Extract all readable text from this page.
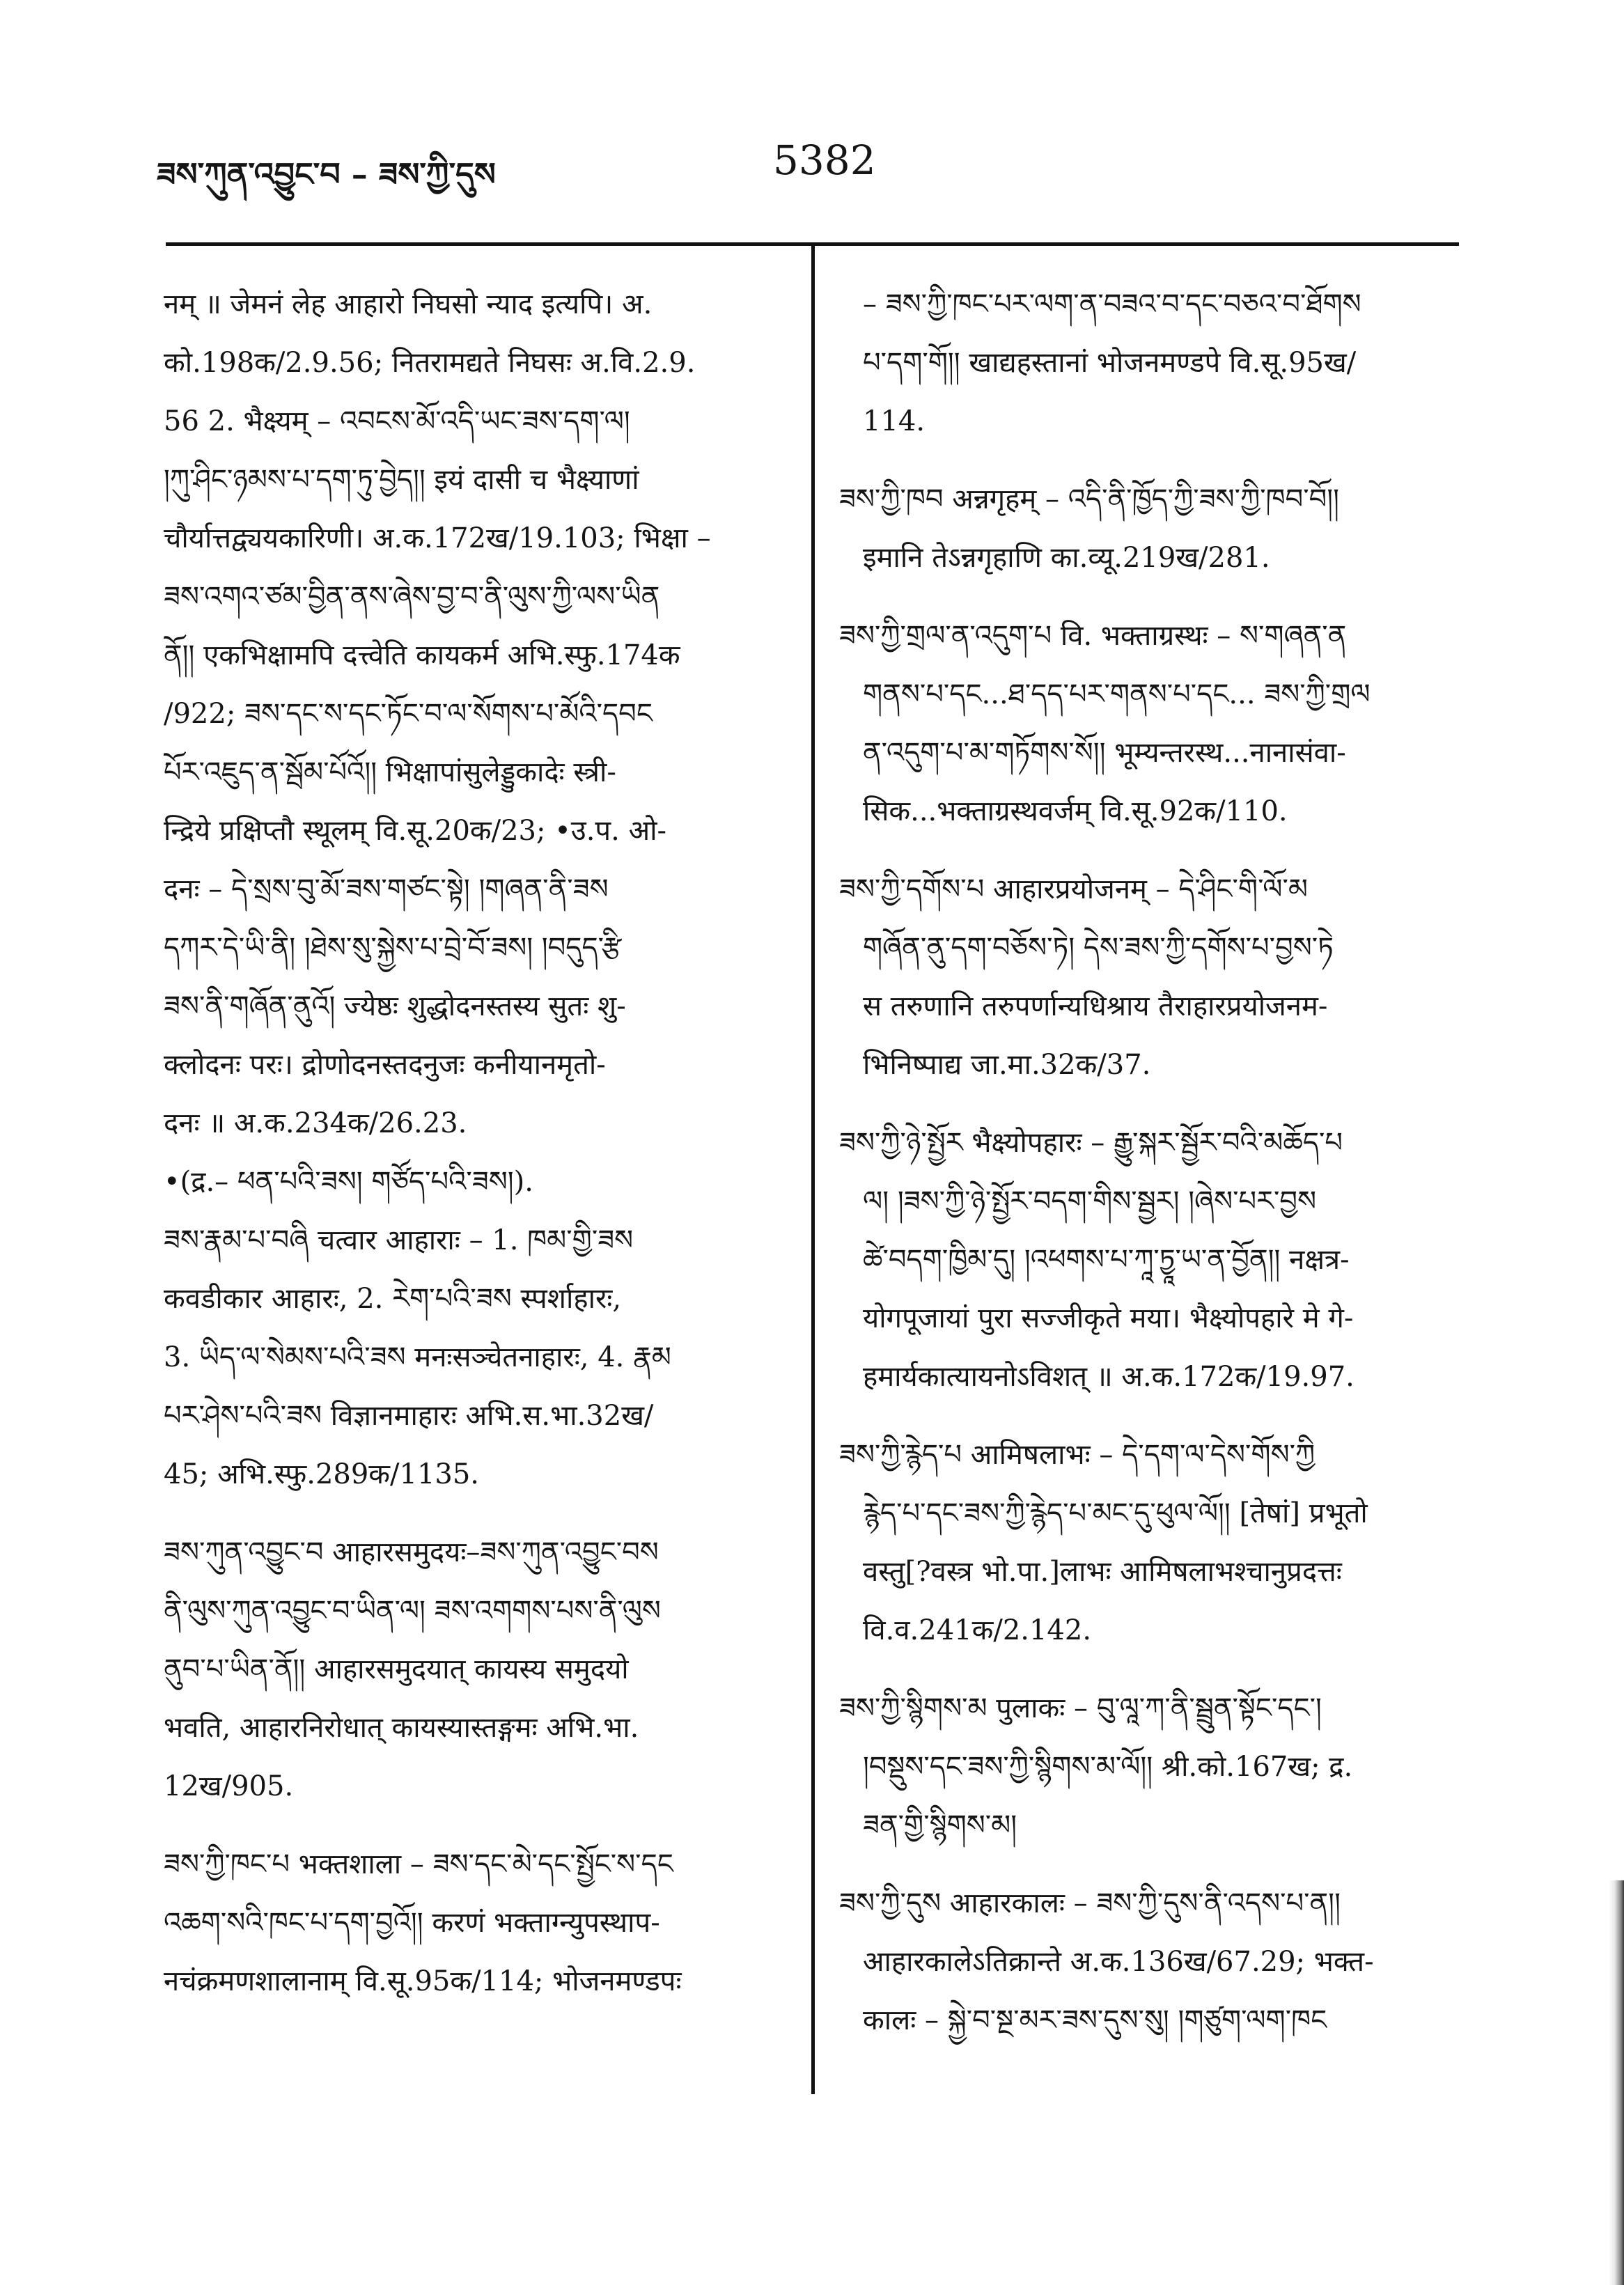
ཟས་ཀུན་འབྱུང་བ – ཟས་ཀྱི་དུས	5382
नम् ॥ जेमनं लेह आहारो निघसो न्याद इत्यपि। अ.
को.198क/2.9.56; नितरामद्यते निघसः अ.वि.2.9.
56 2. भैक्ष्यम् – འབངས་མོ་འདི་ཡང་ཟས་དག་ལ།
།ཀུ་ཤིང་ཉམས་པ་དག་ཏུ་བྱེད།། इयं दासी च भैक्ष्याणां
चौर्यात्तद्व्ययकारिणी। अ.क.172ख/19.103; भिक्षा –
ཟས་འགའ་ཙམ་བྱིན་ནས་ཞེས་བྱ་བ་ནི་ལུས་ཀྱི་ལས་ཡིན
ནོ།། एकभिक्षामपि दत्त्वेति कायकर्म अभि.स्फु.174क
/922; ཟས་དང་ས་དང་ཏོང་བ་ལ་སོགས་པ་མོའི་དབང
པོར་འཇུད་ན་སྦོམ་པོའོ།། भिक्षापांसुलेड्डुकादेः स्त्री-
न्द्रिये प्रक्षिप्तौ स्थूलम् वि.सू.20क/23; •उ.प. ओ-
दनः – དེ་སྲས་བུ་མོ་ཟས་གཙང་སྟེ། །གཞན་ནི་ཟས
དཀར་དེ་ཡི་ནི། །ཐེས་སུ་སྐྱེས་པ་བྲེ་བོ་ཟས། །བདུད་རྩི
ཟས་ནི་གཞོན་ནུའོ། ज्येष्ठः शुद्धोदनस्तस्य सुतः शु-
क्लोदनः परः। द्रोणोदनस्तदनुजः कनीयानमृतो-
दनः ॥ अ.क.234क/26.23.
•(द्र.– ཕན་པའི་ཟས། གཙོད་པའི་ཟས།).
ཟས་རྣམ་པ་བཞི चत्वार आहाराः – 1. ཁམ་གྱི་ཟས
कवडीकार आहारः, 2. རེག་པའི་ཟས स्पर्शाहारः,
3. ཡིད་ལ་སེམས་པའི་ཟས मनःसञ्चेतनाहारः, 4. རྣམ
པར་ཤེས་པའི་ཟས विज्ञानमाहारः अभि.स.भा.32ख/
45; अभि.स्फु.289क/1135.
ཟས་ཀུན་འབྱུང་བ आहारसमुदयः–ཟས་ཀུན་འབྱུང་བས
ནི་ལུས་ཀུན་འབྱུང་བ་ཡིན་ལ། ཟས་འགགས་པས་ནི་ལུས
ནུབ་པ་ཡིན་ནོ།། आहारसमुदयात् कायस्य समुदयो
भवति, आहारनिरोधात् कायस्यास्तङ्गमः अभि.भा.
12ख/905.
ཟས་ཀྱི་ཁང་པ भक्तशाला – ཟས་དང་མེ་དང་སྤྱོང་ས་དང
འཆག་སའི་ཁང་པ་དག་བྱའོ།། करणं भक्ताग्न्युपस्थाप-
नचंक्रमणशालानाम् वि.सू.95क/114; भोजनमण्डपः
– ཟས་ཀྱི་ཁང་པར་ལག་ན་བཟའ་བ་དང་བཅའ་བ་ཐོགས
པ་དག་གོ།། खाद्यहस्तानां भोजनमण्डपे वि.सू.95ख/
114.
ཟས་ཀྱི་ཁབ अन्नगृहम् – འདི་ནི་ཁྱོད་ཀྱི་ཟས་ཀྱི་ཁབ་བོ།།
इमानि तेऽन्नगृहाणि का.व्यू.219ख/281.
ཟས་ཀྱི་གྲལ་ན་འདུག་པ वि. भक्ताग्रस्थः – ས་གཞན་ན
གནས་པ་དང...ཐ་དད་པར་གནས་པ་དང... ཟས་ཀྱི་གྲལ
ན་འདུག་པ་མ་གཏོགས་སོ།། भूम्यन्तरस्थ...नानासंवा-
सिक...भक्ताग्रस्थवर्जम् वि.सू.92क/110.
ཟས་ཀྱི་དགོས་པ आहारप्रयोजनम् – དེ་ཤིང་གི་ལོ་མ
གཞོན་ནུ་དག་བཅོས་ཏེ། དེས་ཟས་ཀྱི་དགོས་པ་བྱས་ཏེ
स तरुणानि तरुपर्णान्यधिश्राय तैराहारप्रयोजनम-
भिनिष्पाद्य जा.मा.32क/37.
ཟས་ཀྱི་ཉེ་སྤྱོར भैक्ष्योपहारः – རྒྱུ་སྐར་སྦྱོར་བའི་མཆོད་པ
ལ། །ཟས་ཀྱི་ཉེ་སྤྱོར་བདག་གིས་སྦྱར། །ཞེས་པར་བྱས
ཚེ་བདག་ཁྱིམ་དུ། །འཕགས་པ་ཀཱ་ཏྱཱ་ཡ་ན་བྱོན།། नक्षत्र-
योगपूजायां पुरा सज्जीकृते मया। भैक्ष्योपहारे मे गे-
हमार्यकात्यायनोऽविशत् ॥ अ.क.172क/19.97.
ཟས་ཀྱི་རྙེད་པ आमिषलाभः – དེ་དག་ལ་དེས་གོས་ཀྱི
རྙེད་པ་དང་ཟས་ཀྱི་རྙེད་པ་མང་དུ་ཕུལ་ལོ།། [तेषां] प्रभूतो
वस्तु[?वस्त्र भो.पा.]लाभः आमिषलाभश्चानुप्रदत्तः
वि.व.241क/2.142.
ཟས་ཀྱི་སྙིགས་མ पुलाकः – བུ་ལཱ་ཀ་ནི་སྦྲུན་སྟོང་དང་།
།བསྡུས་དང་ཟས་ཀྱི་སྙིགས་མ་ལོ།། श्री.को.167ख; द्र.
ཟན་གྱི་སྙིགས་མ།
ཟས་ཀྱི་དུས आहारकालः – ཟས་ཀྱི་དུས་ནི་འདས་པ་ན།།
आहारकालेऽतिक्रान्ते अ.क.136ख/67.29; भक्त-
कालः – སྐྱེ་བ་སྔ་མར་ཟས་དུས་སུ། །གཙུག་ལག་ཁང
